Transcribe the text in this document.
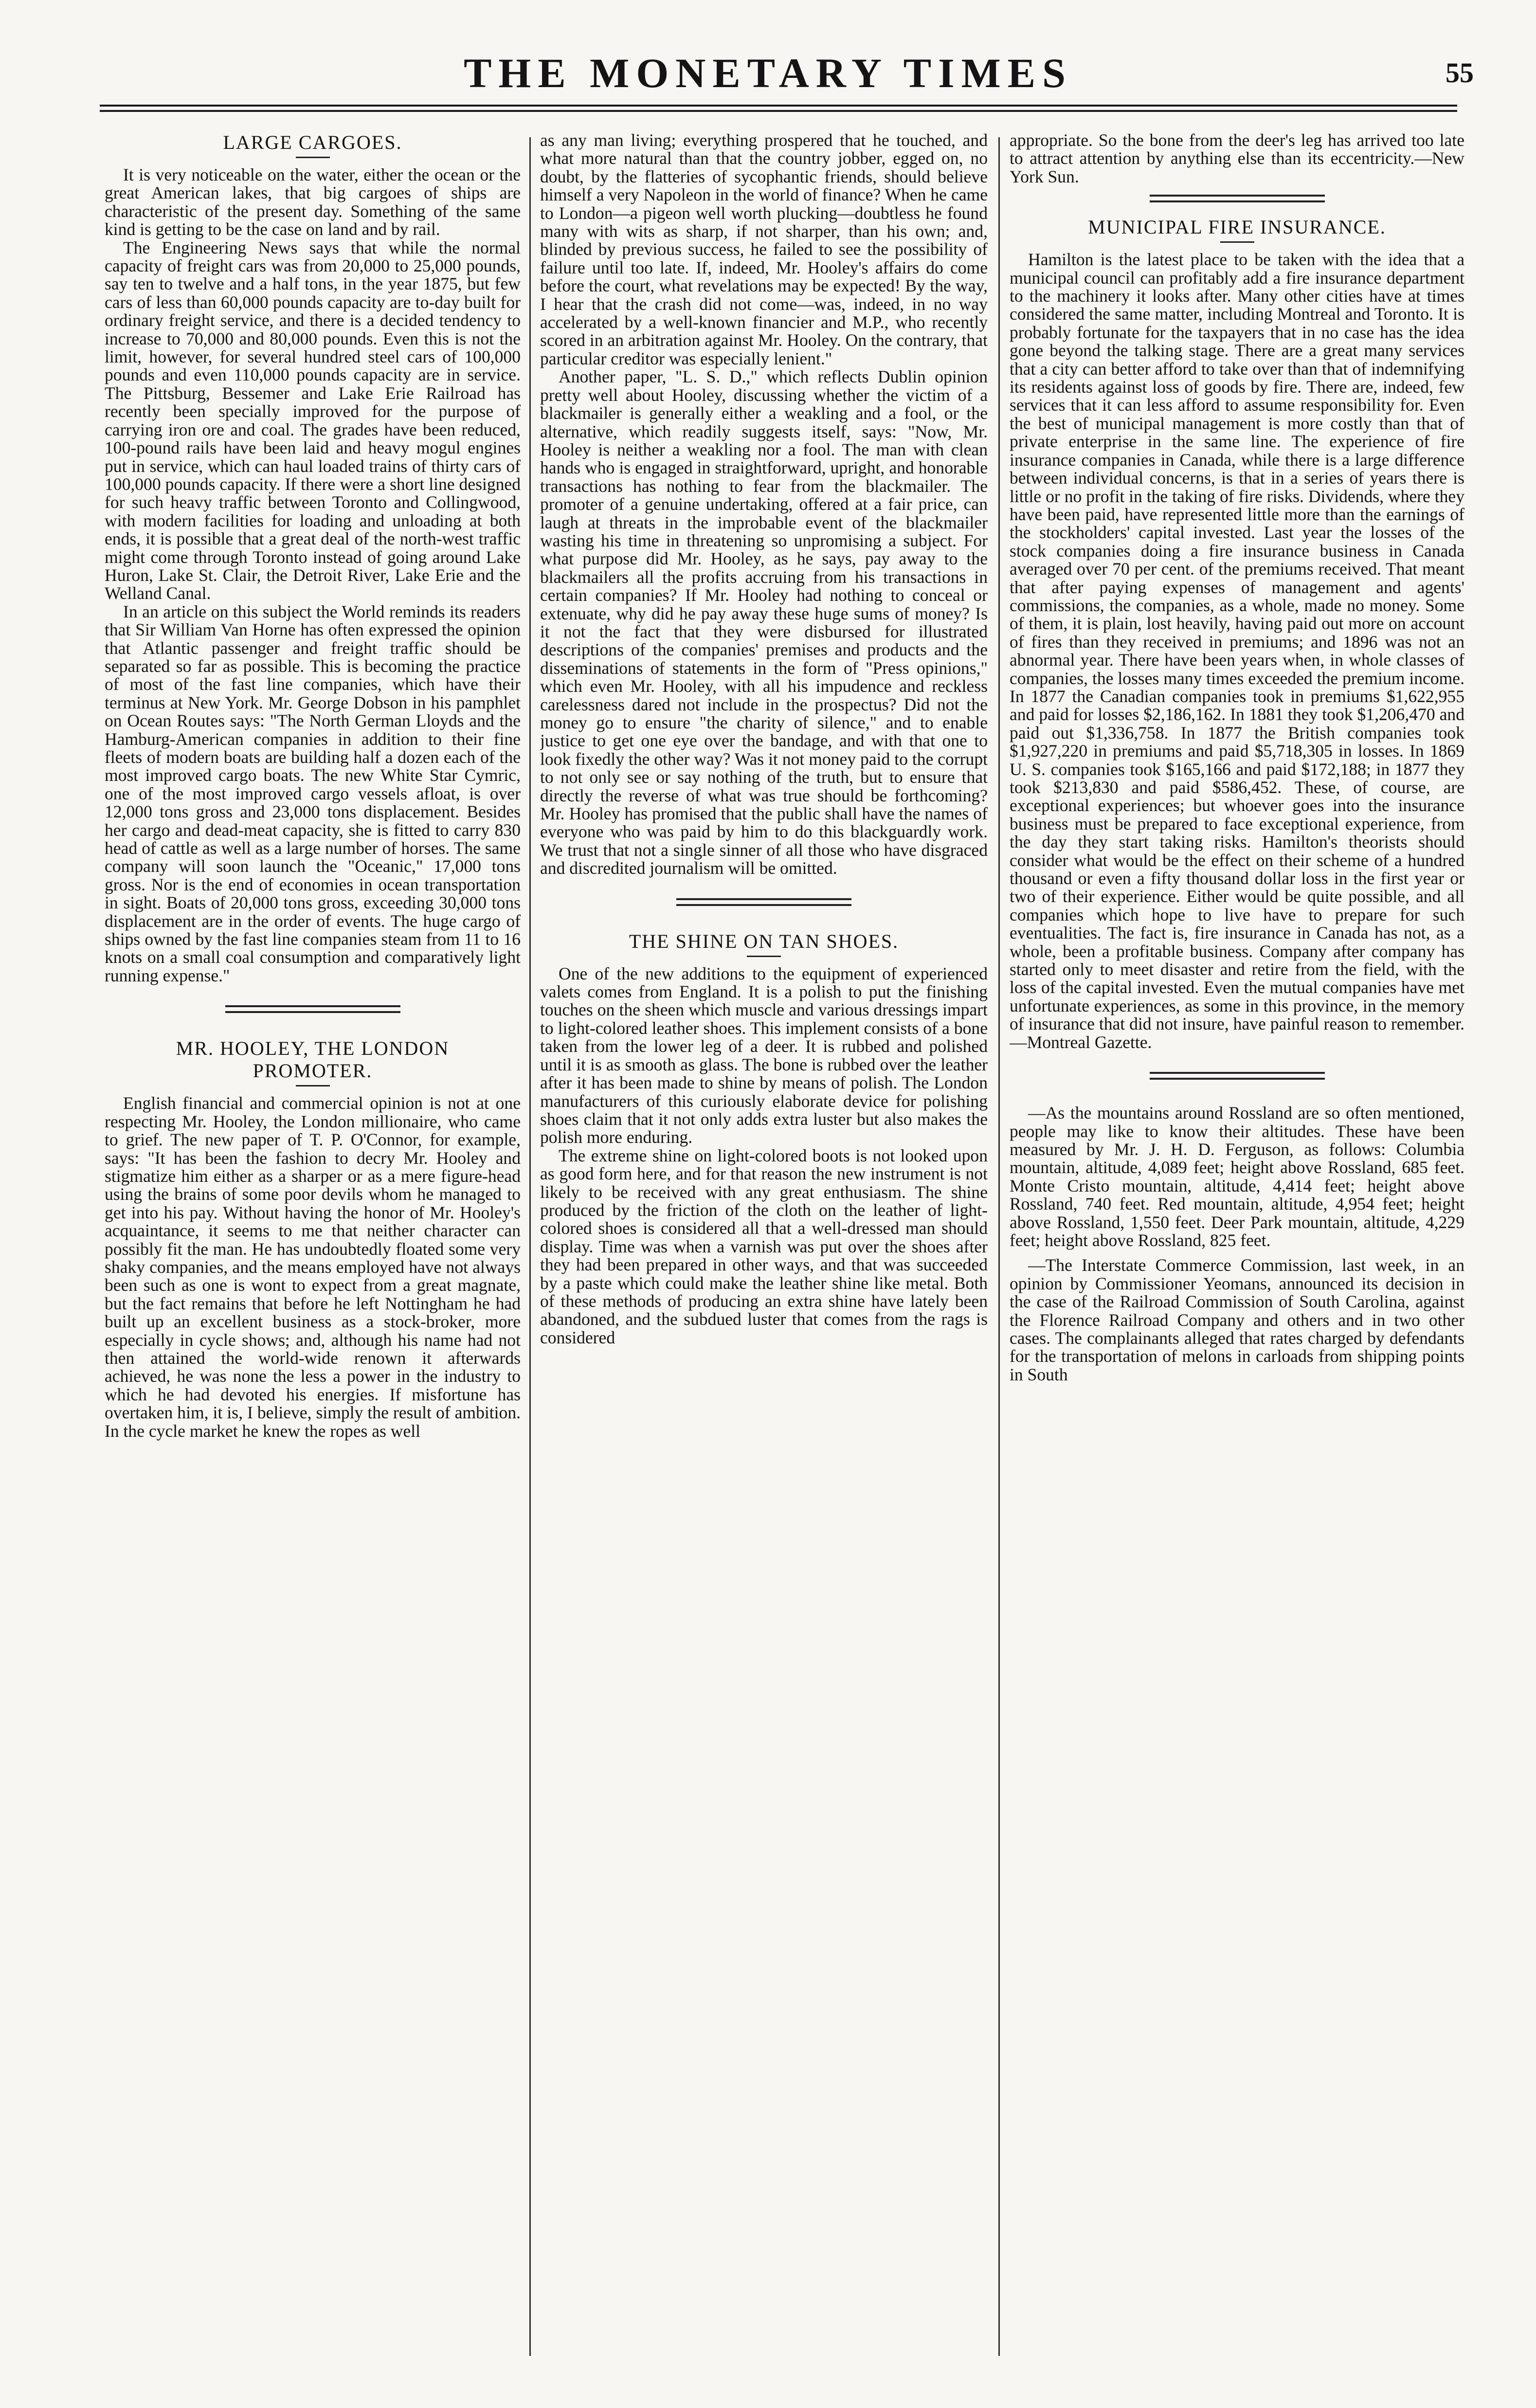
THE MONETARY TIMES	55
LARGE CARGOES.

It is very noticeable on the water, either the ocean or the great American lakes, that big cargoes of ships are characteristic of the present day. Something of the same kind is getting to be the case on land and by rail.

The Engineering News says that while the normal capacity of freight cars was from 20,000 to 25,000 pounds, say ten to twelve and a half tons, in the year 1875, but few cars of less than 60,000 pounds capacity are to-day built for ordinary freight service, and there is a decided tendency to increase to 70,000 and 80,000 pounds. Even this is not the limit, however, for several hundred steel cars of 100,000 pounds and even 110,000 pounds capacity are in service. The Pittsburg, Bessemer and Lake Erie Railroad has recently been specially improved for the purpose of carrying iron ore and coal. The grades have been reduced, 100-pound rails have been laid and heavy mogul engines put in service, which can haul loaded trains of thirty cars of 100,000 pounds capacity. If there were a short line designed for such heavy traffic between Toronto and Collingwood, with modern facilities for loading and unloading at both ends, it is possible that a great deal of the north-west traffic might come through Toronto instead of going around Lake Huron, Lake St. Clair, the Detroit River, Lake Erie and the Welland Canal.

In an article on this subject the World reminds its readers that Sir William Van Horne has often expressed the opinion that Atlantic passenger and freight traffic should be separated so far as possible. This is becoming the practice of most of the fast line companies, which have their terminus at New York. Mr. George Dobson in his pamphlet on Ocean Routes says: "The North German Lloyds and the Hamburg-American companies in addition to their fine fleets of modern boats are building half a dozen each of the most improved cargo boats. The new White Star Cymric, one of the most improved cargo vessels afloat, is over 12,000 tons gross and 23,000 tons displacement. Besides her cargo and dead-meat capacity, she is fitted to carry 830 head of cattle as well as a large number of horses. The same company will soon launch the "Oceanic," 17,000 tons gross. Nor is the end of economies in ocean transportation in sight. Boats of 20,000 tons gross, exceeding 30,000 tons displacement are in the order of events. The huge cargo of ships owned by the fast line companies steam from 11 to 16 knots on a small coal consumption and comparatively light running expense."

MR. HOOLEY, THE LONDON
PROMOTER.

English financial and commercial opinion is not at one respecting Mr. Hooley, the London millionaire, who came to grief. The new paper of T. P. O'Connor, for example, says: "It has been the fashion to decry Mr. Hooley and stigmatize him either as a sharper or as a mere figure-head using the brains of some poor devils whom he managed to get into his pay. Without having the honor of Mr. Hooley's acquaintance, it seems to me that neither character can possibly fit the man. He has undoubtedly floated some very shaky companies, and the means employed have not always been such as one is wont to expect from a great magnate, but the fact remains that before he left Nottingham he had built up an excellent business as a stock-broker, more especially in cycle shows; and, although his name had not then attained the world-wide renown it afterwards achieved, he was none the less a power in the industry to which he had devoted his energies. If misfortune has overtaken him, it is, I believe, simply the result of ambition. In the cycle market he knew the ropes as well

as any man living; everything prospered that he touched, and what more natural than that the country jobber, egged on, no doubt, by the flatteries of sycophantic friends, should believe himself a very Napoleon in the world of finance? When he came to London—a pigeon well worth plucking—doubtless he found many with wits as sharp, if not sharper, than his own; and, blinded by previous success, he failed to see the possibility of failure until too late. If, indeed, Mr. Hooley's affairs do come before the court, what revelations may be expected! By the way, I hear that the crash did not come—was, indeed, in no way accelerated by a well-known financier and M.P., who recently scored in an arbitration against Mr. Hooley. On the contrary, that particular creditor was especially lenient."

Another paper, "L. S. D.," which reflects Dublin opinion pretty well about Hooley, discussing whether the victim of a blackmailer is generally either a weakling and a fool, or the alternative, which readily suggests itself, says: "Now, Mr. Hooley is neither a weakling nor a fool. The man with clean hands who is engaged in straightforward, upright, and honorable transactions has nothing to fear from the blackmailer. The promoter of a genuine undertaking, offered at a fair price, can laugh at threats in the improbable event of the blackmailer wasting his time in threatening so unpromising a subject. For what purpose did Mr. Hooley, as he says, pay away to the blackmailers all the profits accruing from his transactions in certain companies? If Mr. Hooley had nothing to conceal or extenuate, why did he pay away these huge sums of money? Is it not the fact that they were disbursed for illustrated descriptions of the companies' premises and products and the disseminations of statements in the form of "Press opinions," which even Mr. Hooley, with all his impudence and reckless carelessness dared not include in the prospectus? Did not the money go to ensure "the charity of silence," and to enable justice to get one eye over the bandage, and with that one to look fixedly the other way? Was it not money paid to the corrupt to not only see or say nothing of the truth, but to ensure that directly the reverse of what was true should be forthcoming? Mr. Hooley has promised that the public shall have the names of everyone who was paid by him to do this blackguardly work. We trust that not a single sinner of all those who have disgraced and discredited journalism will be omitted.

THE SHINE ON TAN SHOES.

One of the new additions to the equipment of experienced valets comes from England. It is a polish to put the finishing touches on the sheen which muscle and various dressings impart to light-colored leather shoes. This implement consists of a bone taken from the lower leg of a deer. It is rubbed and polished until it is as smooth as glass. The bone is rubbed over the leather after it has been made to shine by means of polish. The London manufacturers of this curiously elaborate device for polishing shoes claim that it not only adds extra luster but also makes the polish more enduring.

The extreme shine on light-colored boots is not looked upon as good form here, and for that reason the new instrument is not likely to be received with any great enthusiasm. The shine produced by the friction of the cloth on the leather of light-colored shoes is considered all that a well-dressed man should display. Time was when a varnish was put over the shoes after they had been prepared in other ways, and that was succeeded by a paste which could make the leather shine like metal. Both of these methods of producing an extra shine have lately been abandoned, and the subdued luster that comes from the rags is considered

appropriate. So the bone from the deer's leg has arrived too late to attract attention by anything else than its eccentricity.—New York Sun.

MUNICIPAL FIRE INSURANCE.

Hamilton is the latest place to be taken with the idea that a municipal council can profitably add a fire insurance department to the machinery it looks after. Many other cities have at times considered the same matter, including Montreal and Toronto. It is probably fortunate for the taxpayers that in no case has the idea gone beyond the talking stage. There are a great many services that a city can better afford to take over than that of indemnifying its residents against loss of goods by fire. There are, indeed, few services that it can less afford to assume responsibility for. Even the best of municipal management is more costly than that of private enterprise in the same line. The experience of fire insurance companies in Canada, while there is a large difference between individual concerns, is that in a series of years there is little or no profit in the taking of fire risks. Dividends, where they have been paid, have represented little more than the earnings of the stockholders' capital invested. Last year the losses of the stock companies doing a fire insurance business in Canada averaged over 70 per cent. of the premiums received. That meant that after paying expenses of management and agents' commissions, the companies, as a whole, made no money. Some of them, it is plain, lost heavily, having paid out more on account of fires than they received in premiums; and 1896 was not an abnormal year. There have been years when, in whole classes of companies, the losses many times exceeded the premium income. In 1877 the Canadian companies took in premiums $1,622,955 and paid for losses $2,186,162. In 1881 they took $1,206,470 and paid out $1,336,758. In 1877 the British companies took $1,927,220 in premiums and paid $5,718,305 in losses. In 1869 U. S. companies took $165,166 and paid $172,188; in 1877 they took $213,830 and paid $586,452. These, of course, are exceptional experiences; but whoever goes into the insurance business must be prepared to face exceptional experience, from the day they start taking risks. Hamilton's theorists should consider what would be the effect on their scheme of a hundred thousand or even a fifty thousand dollar loss in the first year or two of their experience. Either would be quite possible, and all companies which hope to live have to prepare for such eventualities. The fact is, fire insurance in Canada has not, as a whole, been a profitable business. Company after company has started only to meet disaster and retire from the field, with the loss of the capital invested. Even the mutual companies have met unfortunate experiences, as some in this province, in the memory of insurance that did not insure, have painful reason to remember.—Montreal Gazette.

—As the mountains around Rossland are so often mentioned, people may like to know their altitudes. These have been measured by Mr. J. H. D. Ferguson, as follows: Columbia mountain, altitude, 4,089 feet; height above Rossland, 685 feet. Monte Cristo mountain, altitude, 4,414 feet; height above Rossland, 740 feet. Red mountain, altitude, 4,954 feet; height above Rossland, 1,550 feet. Deer Park mountain, altitude, 4,229 feet; height above Rossland, 825 feet.

—The Interstate Commerce Commission, last week, in an opinion by Commissioner Yeomans, announced its decision in the case of the Railroad Commission of South Carolina, against the Florence Railroad Company and others and in two other cases. The complainants alleged that rates charged by defendants for the transportation of melons in carloads from shipping points in South
